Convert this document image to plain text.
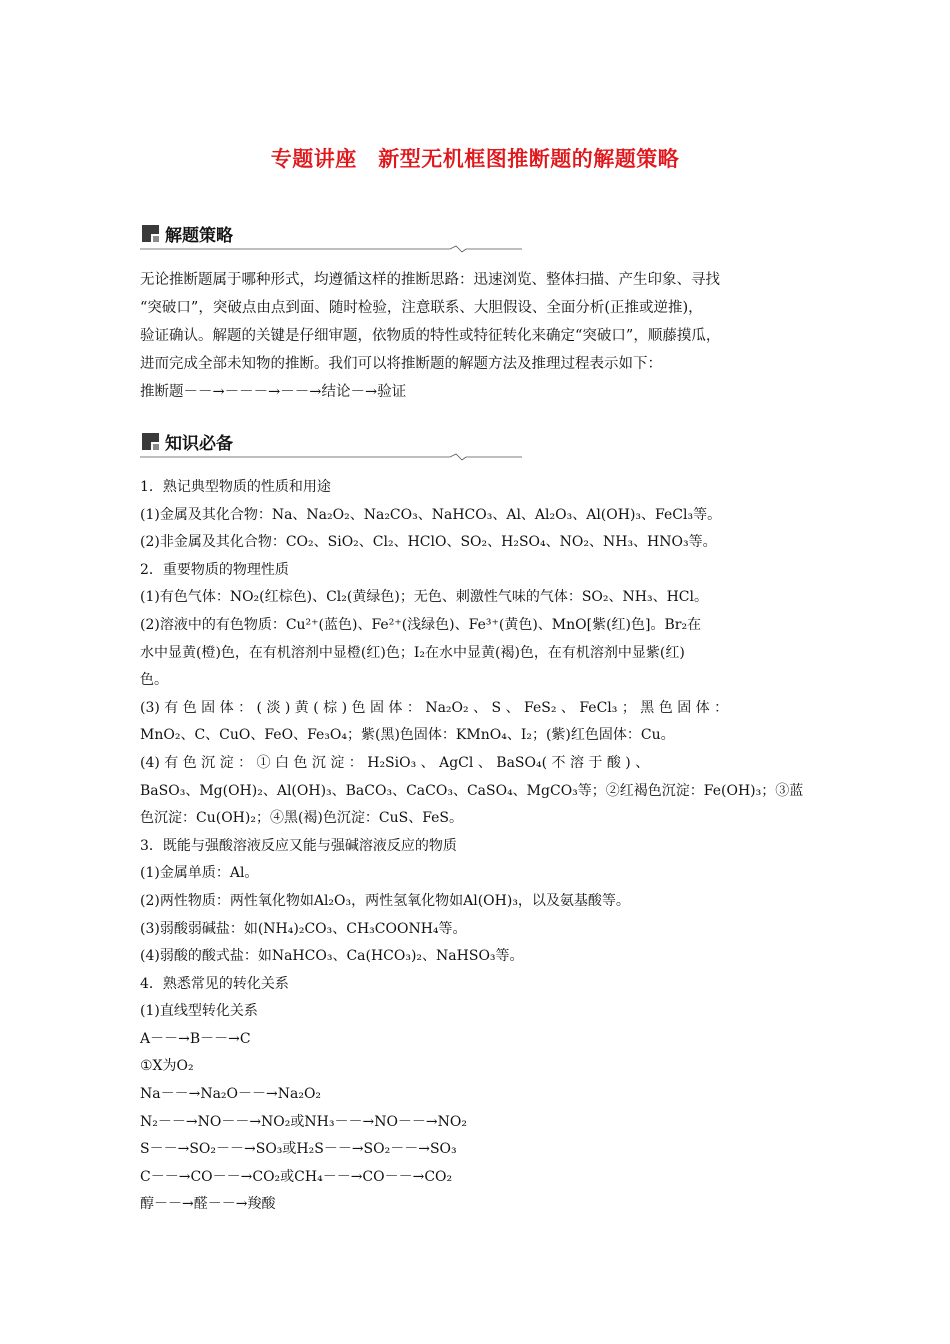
专题讲座　新型无机框图推断题的解题策略
解题策略
无论推断题属于哪种形式，均遵循这样的推断思路：迅速浏览、整体扫描、产生印象、寻找
“突破口”，突破点由点到面、随时检验，注意联系、大胆假设、全面分析(正推或逆推)，
验证确认。解题的关键是仔细审题，依物质的特性或特征转化来确定“突破口”，顺藤摸瓜，
进而完成全部未知物的推断。我们可以将推断题的解题方法及推理过程表示如下：
推断题－－→－－－→－－→结论－→验证
知识必备
1．熟记典型物质的性质和用途
(1)金属及其化合物：Na、Na₂O₂、Na₂CO₃、NaHCO₃、Al、Al₂O₃、Al(OH)₃、FeCl₃等。
(2)非金属及其化合物：CO₂、SiO₂、Cl₂、HClO、SO₂、H₂SO₄、NO₂、NH₃、HNO₃等。
2．重要物质的物理性质
(1)有色气体：NO₂(红棕色)、Cl₂(黄绿色)；无色、刺激性气味的气体：SO₂、NH₃、HCl。
(2)溶液中的有色物质：Cu²⁺(蓝色)、Fe²⁺(浅绿色)、Fe³⁺(黄色)、MnO[紫(红)色]。Br₂在
水中显黄(橙)色，在有机溶剂中显橙(红)色；I₂在水中显黄(褐)色，在有机溶剂中显紫(红)
色。
(3) 有 色 固 体 ： ( 淡 ) 黄 ( 棕 ) 色 固 体 ： Na₂O₂ 、 S 、 FeS₂ 、 FeCl₃ ； 黑 色 固 体 ：
MnO₂、C、CuO、FeO、Fe₃O₄；紫(黑)色固体：KMnO₄、I₂；(紫)红色固体：Cu。
(4) 有 色 沉 淀 ： ① 白 色 沉 淀 ： H₂SiO₃ 、 AgCl 、 BaSO₄( 不 溶 于 酸 ) 、
BaSO₃、Mg(OH)₂、Al(OH)₃、BaCO₃、CaCO₃、CaSO₄、MgCO₃等；②红褐色沉淀：Fe(OH)₃；③蓝
色沉淀：Cu(OH)₂；④黑(褐)色沉淀：CuS、FeS。
3．既能与强酸溶液反应又能与强碱溶液反应的物质
(1)金属单质：Al。
(2)两性物质：两性氧化物如Al₂O₃，两性氢氧化物如Al(OH)₃，以及氨基酸等。
(3)弱酸弱碱盐：如(NH₄)₂CO₃、CH₃COONH₄等。
(4)弱酸的酸式盐：如NaHCO₃、Ca(HCO₃)₂、NaHSO₃等。
4．熟悉常见的转化关系
(1)直线型转化关系
A－－→B－－→C
①X为O₂
Na－－→Na₂O－－→Na₂O₂
N₂－－→NO－－→NO₂或NH₃－－→NO－－→NO₂
S－－→SO₂－－→SO₃或H₂S－－→SO₂－－→SO₃
C－－→CO－－→CO₂或CH₄－－→CO－－→CO₂
醇－－→醛－－→羧酸
